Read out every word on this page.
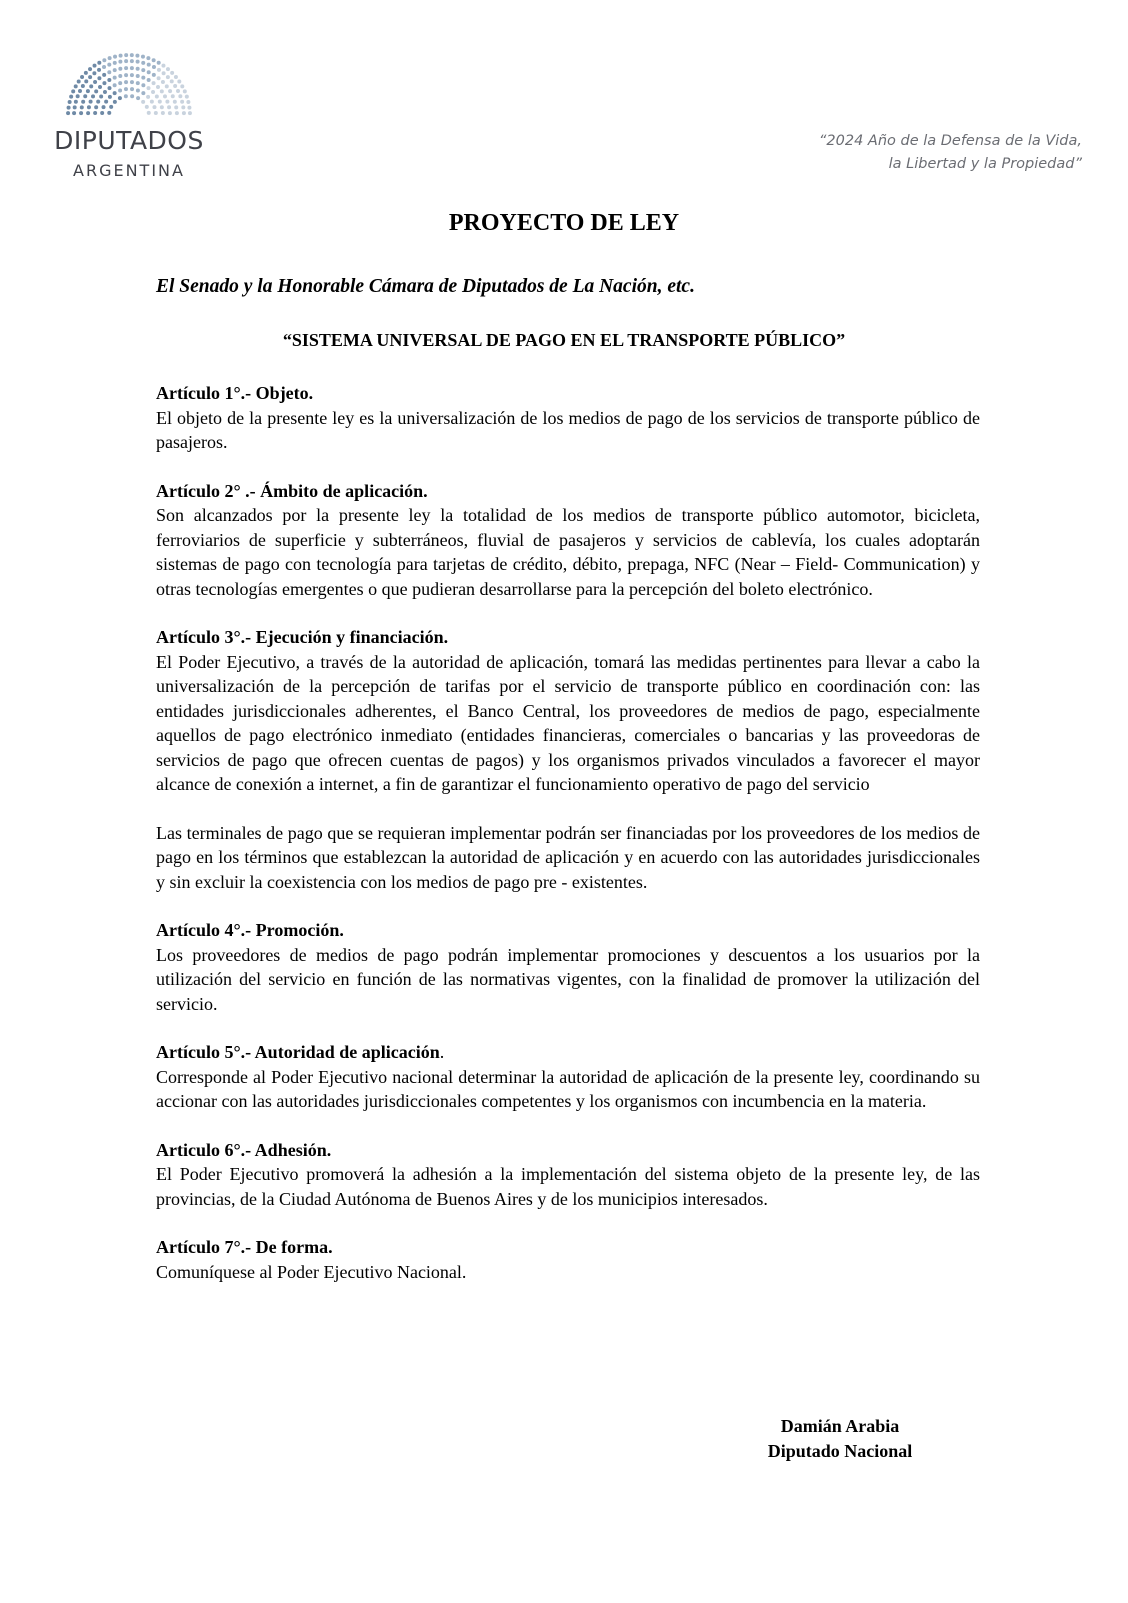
DIPUTADOS
ARGENTINA
“2024 Año de la Defensa de la Vida,
la Libertad y la Propiedad”
PROYECTO DE LEY
El Senado y la Honorable Cámara de Diputados de La Nación, etc.
“SISTEMA UNIVERSAL DE PAGO EN EL TRANSPORTE PÚBLICO”
Artículo 1°.- Objeto.

El objeto de la presente ley es la universalización de los medios de pago de los servicios de transporte público de pasajeros.

Artículo 2° .- Ámbito de aplicación.

Son alcanzados por la presente ley la totalidad de los medios de transporte público automotor, bicicleta, ferroviarios de superficie y subterráneos, fluvial de pasajeros y servicios de cablevía, los cuales adoptarán sistemas de pago con tecnología para tarjetas de crédito, débito, prepaga, NFC (Near – Field- Communication) y otras tecnologías emergentes o que pudieran desarrollarse para la percepción del boleto electrónico.

Artículo 3°.- Ejecución y financiación.

El Poder Ejecutivo, a través de la autoridad de aplicación, tomará las medidas pertinentes para llevar a cabo la universalización de la percepción de tarifas por el servicio de transporte público en coordinación con: las entidades jurisdiccionales adherentes, el Banco Central, los proveedores de medios de pago, especialmente aquellos de pago electrónico inmediato (entidades financieras, comerciales o bancarias y las proveedoras de servicios de pago que ofrecen cuentas de pagos) y los organismos privados vinculados a favorecer el mayor alcance de conexión a internet, a fin de garantizar el funcionamiento operativo de pago del servicio

Las terminales de pago que se requieran implementar podrán ser financiadas por los proveedores de los medios de pago en los términos que establezcan la autoridad de aplicación y en acuerdo con las autoridades jurisdiccionales y sin excluir la coexistencia con los medios de pago pre - existentes.

Artículo 4°.- Promoción.

Los proveedores de medios de pago podrán implementar promociones y descuentos a los usuarios por la utilización del servicio en función de las normativas vigentes, con la finalidad de promover la utilización del servicio.

Artículo 5°.- Autoridad de aplicación.

Corresponde al Poder Ejecutivo nacional determinar la autoridad de aplicación de la presente ley, coordinando su accionar con las autoridades jurisdiccionales competentes y los organismos con incumbencia en la materia.

Articulo 6°.- Adhesión.

El Poder Ejecutivo promoverá la adhesión a la implementación del sistema objeto de la presente ley, de las provincias, de la Ciudad Autónoma de Buenos Aires y de los municipios interesados.

Artículo 7°.- De forma.

Comuníquese al Poder Ejecutivo Nacional.

Damián Arabia
Diputado Nacional
